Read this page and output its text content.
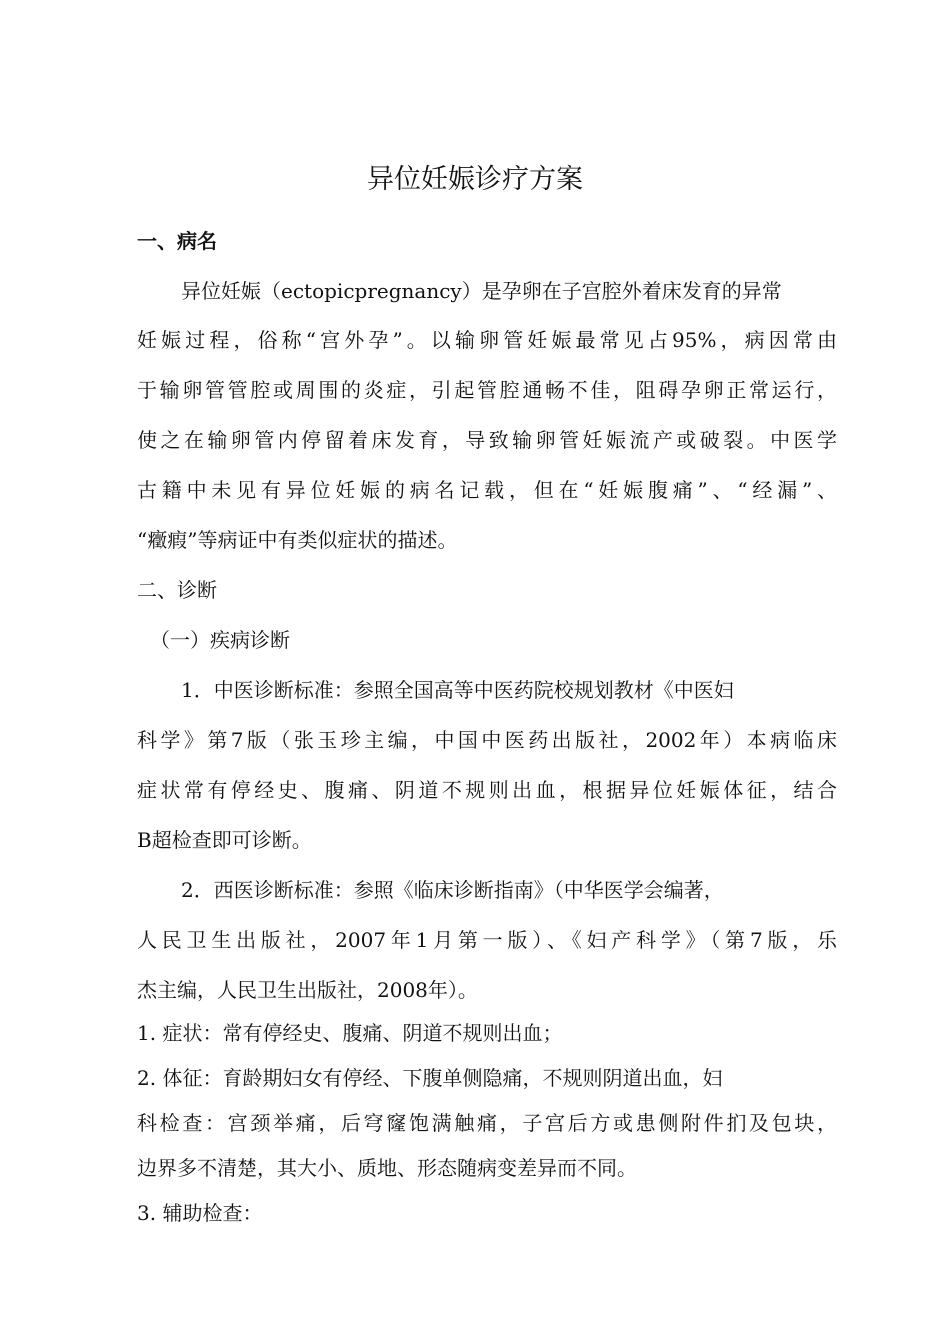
异位妊娠诊疗方案

一、病名

异位妊娠（ectopicpregnancy）是孕卵在子宫腔外着床发育的异常

妊娠过程，俗称“宫外孕”。以输卵管妊娠最常见占95%，病因常由

于输卵管管腔或周围的炎症，引起管腔通畅不佳，阻碍孕卵正常运行，

使之在输卵管内停留着床发育，导致输卵管妊娠流产或破裂。中医学

古籍中未见有异位妊娠的病名记载，但在“妊娠腹痛”、“经漏”、

“癥瘕”等病证中有类似症状的描述。

二、诊断

（一）疾病诊断

1．中医诊断标准：参照全国高等中医药院校规划教材《中医妇

科学》第7版（张玉珍主编，中国中医药出版社，2002年）本病临床

症状常有停经史、腹痛、阴道不规则出血，根据异位妊娠体征，结合

B超检查即可诊断。

2．西医诊断标准：参照《临床诊断指南》（中华医学会编著，

人民卫生出版社，2007年1月第一版）、《妇产科学》（第7版，乐

杰主编，人民卫生出版社，2008年）。

1. 症状：常有停经史、腹痛、阴道不规则出血；

2. 体征：育龄期妇女有停经、下腹单侧隐痛，不规则阴道出血，妇

科检查：宫颈举痛，后穹窿饱满触痛，子宫后方或患侧附件扪及包块，

边界多不清楚，其大小、质地、形态随病变差异而不同。

3. 辅助检查：
